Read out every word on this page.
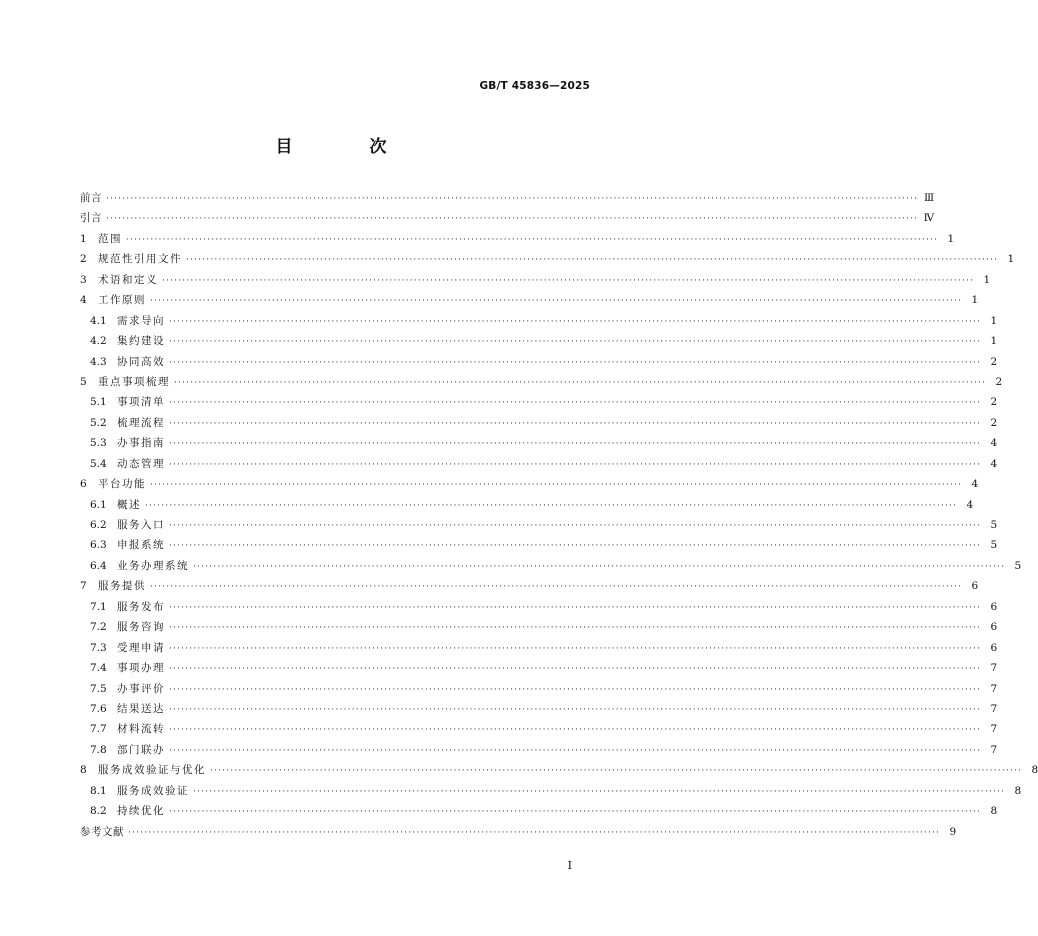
GB/T 45836—2025
目　次
前言 ········································································································································································································ Ⅲ
引言 ········································································································································································································ Ⅳ
1	范围 ········································································································································································································ 1
2	规范性引用文件 ········································································································································································································ 1
3	术语和定义 ········································································································································································································ 1
4	工作原则 ········································································································································································································ 1
4.1 需求导向 ········································································································································································································ 1
4.2 集约建设 ········································································································································································································ 1
4.3 协同高效 ········································································································································································································ 2
5	重点事项梳理 ········································································································································································································ 2
5.1 事项清单 ········································································································································································································ 2
5.2 梳理流程 ········································································································································································································ 2
5.3 办事指南 ········································································································································································································ 4
5.4 动态管理 ········································································································································································································ 4
6	平台功能 ········································································································································································································ 4
6.1 概述 ········································································································································································································ 4
6.2 服务入口 ········································································································································································································ 5
6.3 申报系统 ········································································································································································································ 5
6.4 业务办理系统 ········································································································································································································ 5
7	服务提供 ········································································································································································································ 6
7.1 服务发布 ········································································································································································································ 6
7.2 服务咨询 ········································································································································································································ 6
7.3 受理申请 ········································································································································································································ 6
7.4 事项办理 ········································································································································································································ 7
7.5 办事评价 ········································································································································································································ 7
7.6 结果送达 ········································································································································································································ 7
7.7 材料流转 ········································································································································································································ 7
7.8 部门联办 ········································································································································································································ 7
8	服务成效验证与优化 ········································································································································································································ 8
8.1 服务成效验证 ········································································································································································································ 8
8.2 持续优化 ········································································································································································································ 8
参考文献 ········································································································································································································ 9
I
